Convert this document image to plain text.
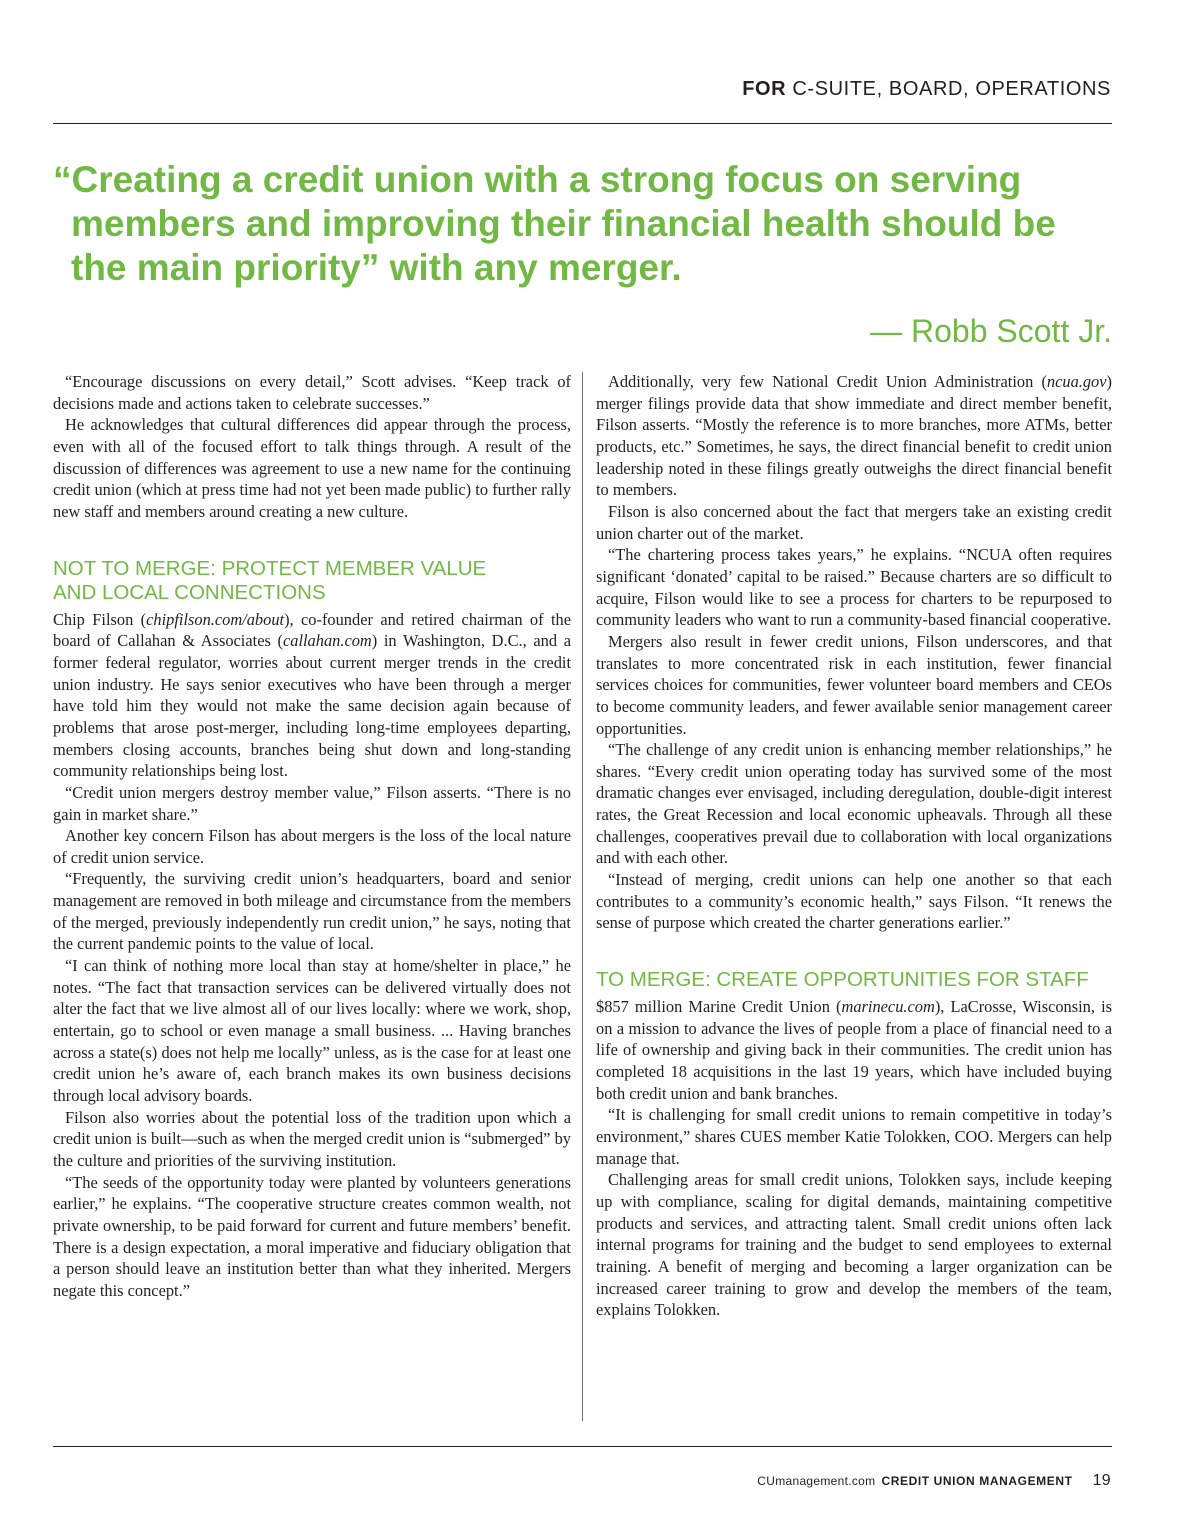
FOR C-SUITE, BOARD, OPERATIONS
“Creating a credit union with a strong focus on serving
members and improving their financial health should be
the main priority” with any merger.
— Robb Scott Jr.

“Encourage discussions on every detail,” Scott advises. “Keep track of decisions made and actions taken to celebrate successes.”

He acknowledges that cultural differences did appear through the process, even with all of the focused effort to talk things through. A result of the discussion of differences was agreement to use a new name for the continuing credit union (which at press time had not yet been made public) to further rally new staff and members around creating a new culture.

NOT TO MERGE: PROTECT MEMBER VALUE
AND LOCAL CONNECTIONS

Chip Filson (chipfilson.com/about), co-founder and retired chairman of the board of Callahan & Associates (callahan.com) in Washington, D.C., and a former federal regulator, worries about current merger trends in the credit union industry. He says senior executives who have been through a merger have told him they would not make the same decision again because of problems that arose post-merger, including long-time employees departing, members closing accounts, branches being shut down and long-standing community relationships being lost.

“Credit union mergers destroy member value,” Filson asserts. “There is no gain in market share.”

Another key concern Filson has about mergers is the loss of the local nature of credit union service.

“Frequently, the surviving credit union’s headquarters, board and senior management are removed in both mileage and circumstance from the members of the merged, previously independently run credit union,” he says, noting that the current pandemic points to the value of local.

“I can think of nothing more local than stay at home/shelter in place,” he notes. “The fact that transaction services can be delivered virtually does not alter the fact that we live almost all of our lives locally: where we work, shop, entertain, go to school or even manage a small business. ... Having branches across a state(s) does not help me locally” unless, as is the case for at least one credit union he’s aware of, each branch makes its own business decisions through local advisory boards.

Filson also worries about the potential loss of the tradition upon which a credit union is built—such as when the merged credit union is “submerged” by the culture and priorities of the surviving institution.

“The seeds of the opportunity today were planted by volunteers generations earlier,” he explains. “The cooperative structure creates common wealth, not private ownership, to be paid forward for current and future members’ benefit. There is a design expectation, a moral imperative and fiduciary obligation that a person should leave an institution better than what they inherited. Mergers negate this concept.”

Additionally, very few National Credit Union Administration (ncua.gov) merger filings provide data that show immediate and direct member benefit, Filson asserts. “Mostly the reference is to more branches, more ATMs, better products, etc.” Sometimes, he says, the direct financial benefit to credit union leadership noted in these filings greatly outweighs the direct financial benefit to members.

Filson is also concerned about the fact that mergers take an existing credit union charter out of the market.

“The chartering process takes years,” he explains. “NCUA often requires significant ‘donated’ capital to be raised.” Because charters are so difficult to acquire, Filson would like to see a process for charters to be repurposed to community leaders who want to run a community-based financial cooperative.

Mergers also result in fewer credit unions, Filson underscores, and that translates to more concentrated risk in each institution, fewer financial services choices for communities, fewer volunteer board members and CEOs to become community leaders, and fewer available senior management career opportunities.

“The challenge of any credit union is enhancing member relationships,” he shares. “Every credit union operating today has survived some of the most dramatic changes ever envisaged, including deregulation, double-digit interest rates, the Great Recession and local economic upheavals. Through all these challenges, cooperatives prevail due to collaboration with local organizations and with each other.

“Instead of merging, credit unions can help one another so that each contributes to a community’s economic health,” says Filson. “It renews the sense of purpose which created the charter generations earlier.”

TO MERGE: CREATE OPPORTUNITIES FOR STAFF

$857 million Marine Credit Union (marinecu.com), LaCrosse, Wisconsin, is on a mission to advance the lives of people from a place of financial need to a life of ownership and giving back in their communities. The credit union has completed 18 acquisitions in the last 19 years, which have included buying both credit union and bank branches.

“It is challenging for small credit unions to remain competitive in today’s environment,” shares CUES member Katie Tolokken, COO. Mergers can help manage that.

Challenging areas for small credit unions, Tolokken says, include keeping up with compliance, scaling for digital demands, maintaining competitive products and services, and attracting talent. Small credit unions often lack internal programs for training and the budget to send employees to external training. A benefit of merging and becoming a larger organization can be increased career training to grow and develop the members of the team, explains Tolokken.

CUmanagement.com CREDIT UNION MANAGEMENT 19
